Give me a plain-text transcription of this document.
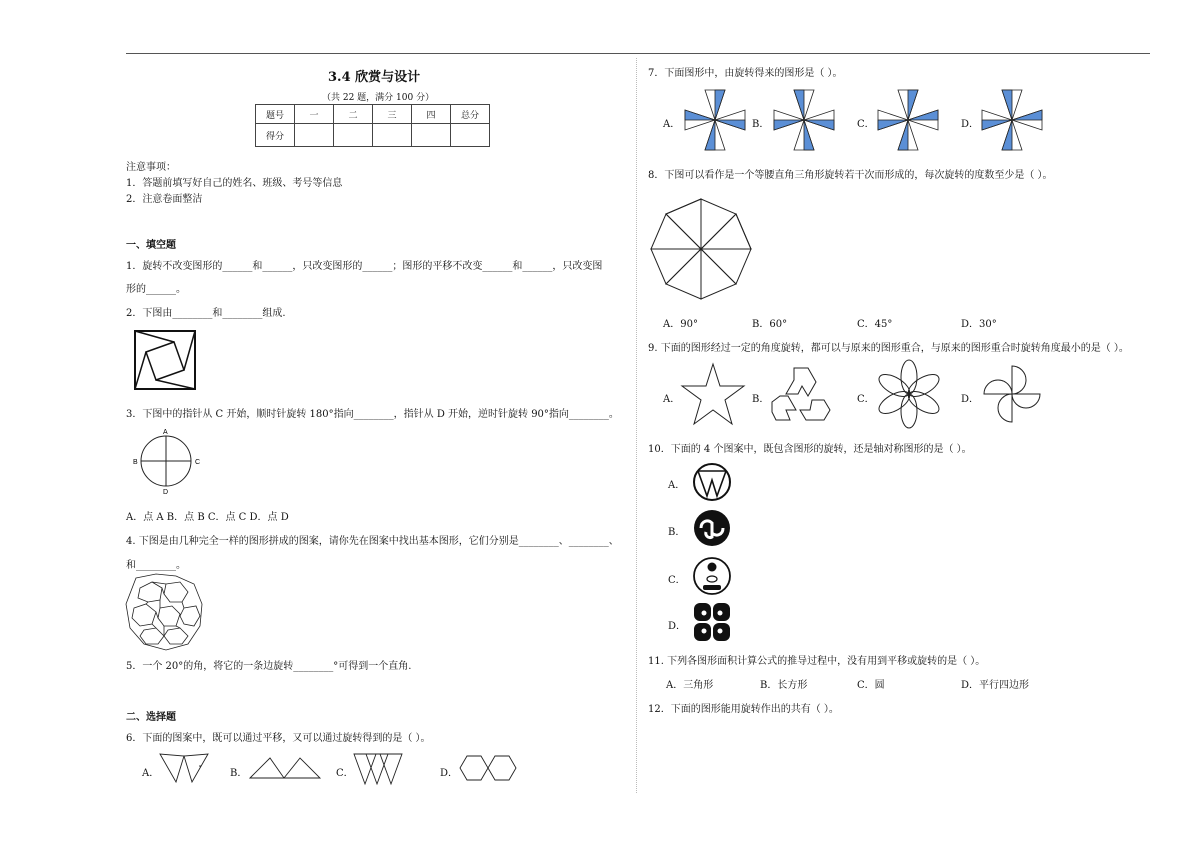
3.4 欣赏与设计
（共 22 题，满分 100 分）
题号	一	二	三	四	总分
得分					
注意事项：
1．答题前填写好自己的姓名、班级、考号等信息
2．注意卷面整洁
一、填空题
1．旋转不改变图形的______和______，只改变图形的______；图形的平移不改变______和______，只改变图
形的______。
2．下图由________和________组成.
3．下图中的指针从 C 开始，顺时针旋转 180°指向________，指针从 D 开始，逆时针旋转 90°指向________。
A
B	C
D
A．点 A B．点 B C．点 C D．点 D
4. 下图是由几种完全一样的图形拼成的图案，请你先在图案中找出基本图形，它们分别是________、________、
和________。
5．一个 20°的角，将它的一条边旋转________°可得到一个直角.
二、选择题
6．下面的图案中，既可以通过平移，又可以通过旋转得到的是（ ）。
A．	B．	C．	D．
7．下面图形中，由旋转得来的图形是（ ）。
A．	B．	C．	D．
8．下图可以看作是一个等腰直角三角形旋转若干次而形成的，每次旋转的度数至少是（ ）。
A．90°	B．60°	C．45°	D．30°
9. 下面的图形经过一定的角度旋转，都可以与原来的图形重合，与原来的图形重合时旋转角度最小的是（ ）。
A．	B．	C．	D．
10．下面的 4 个图案中，既包含图形的旋转，还是轴对称图形的是（ ）。
A．
B．
C．
D．
11. 下列各图形面积计算公式的推导过程中，没有用到平移或旋转的是（ ）。
A．三角形	B．长方形	C．圆	D．平行四边形
12．下面的图形能用旋转作出的共有（ ）。
